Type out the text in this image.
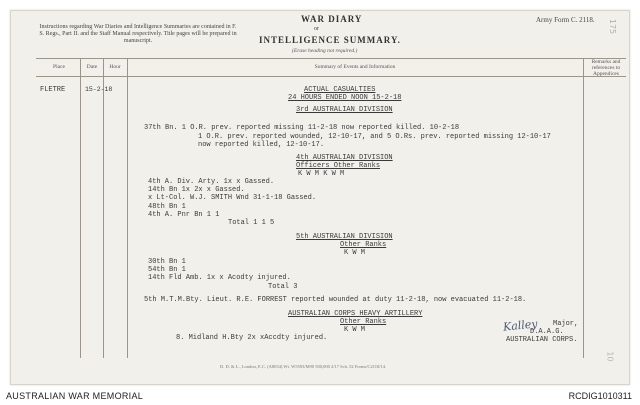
Instructions regarding War Diaries and Intelligence Summaries are contained in F. S. Regs., Part II. and the Staff Manual respectively. Title pages will be prepared in manuscript.
WAR DIARY
or
INTELLIGENCE SUMMARY.
(Erase heading not required.)
Army Form C. 2118. 175
Place	Date	Hour	Summary of Events and Information
Remarks and references to Appendices
FLETRE	15-2-18	ACTUAL CASUALTIES
24 HOURS ENDED NOON 15-2-18
3rd AUSTRALIAN DIVISION
37th Bn. 1 O.R. prev. reported missing 11-2-18 now reported killed. 10-2-18
1 O.R. prev. reported wounded, 12-10-17, and 5 O.Rs. prev. reported missing 12-10-17
now reported killed, 12-10-17.
4th AUSTRALIAN DIVISION
Officers Other Ranks
K W M K W M
4th A. Div. Arty. 1x x Gassed.
14th Bn 1x 2x x Gassed.
x Lt-Col. W.J. SMITH Wnd 31-1-18 Gassed.
48th Bn 1
4th A. Pnr Bn 1 1
Total 1 1 5
5th AUSTRALIAN DIVISION
Other Ranks
K W M
30th Bn 1
54th Bn 1
14th Fld Amb. 1x x Acodty injured.
Total 3
5th M.T.M.Bty. Lieut. R.E. FORREST reported wounded at duty 11-2-18, now evacuated 11-2-18.
AUSTRALIAN CORPS HEAVY ARTILLERY
Other Ranks
K W M
8. Midland H.Bty 2x xAccdty injured.
Kalley Major,
D.A.A.G.
AUSTRALIAN CORPS.
D. D. & L., London, E.C. (A8034) Wt. W5593/M90 500,000 2/17 Sch. 52 Forms/C2118/14.
10
AUSTRALIAN WAR MEMORIAL	RCDIG1010311
